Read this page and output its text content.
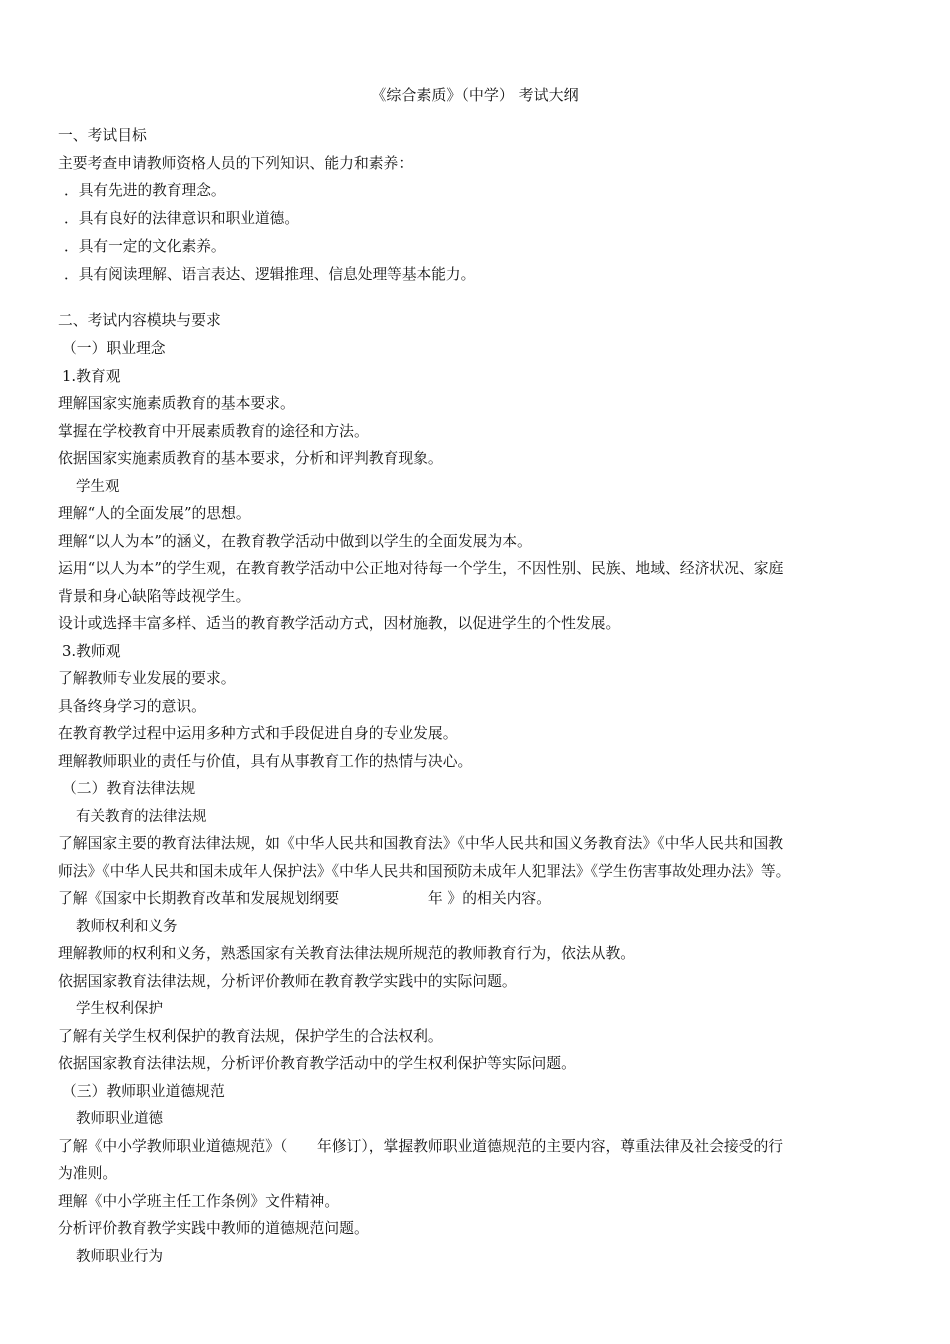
《综合素质》（中学） 考试大纲
一、考试目标
主要考查申请教师资格人员的下列知识、能力和素养：
．具有先进的教育理念。
．具有良好的法律意识和职业道德。
．具有一定的文化素养。
．具有阅读理解、语言表达、逻辑推理、信息处理等基本能力。
二、考试内容模块与要求
（一）职业理念
1.教育观
理解国家实施素质教育的基本要求。
掌握在学校教育中开展素质教育的途径和方法。
依据国家实施素质教育的基本要求，分析和评判教育现象。
学生观
理解“人的全面发展”的思想。
理解“以人为本”的涵义，在教育教学活动中做到以学生的全面发展为本。
运用“以人为本”的学生观，在教育教学活动中公正地对待每一个学生，不因性别、民族、地域、经济状况、家庭
背景和身心缺陷等歧视学生。
设计或选择丰富多样、适当的教育教学活动方式，因材施教，以促进学生的个性发展。
3.教师观
了解教师专业发展的要求。
具备终身学习的意识。
在教育教学过程中运用多种方式和手段促进自身的专业发展。
理解教师职业的责任与价值，具有从事教育工作的热情与决心。
（二）教育法律法规
有关教育的法律法规
了解国家主要的教育法律法规，如《中华人民共和国教育法》《中华人民共和国义务教育法》《中华人民共和国教
师法》《中华人民共和国未成年人保护法》《中华人民共和国预防未成年人犯罪法》《学生伤害事故处理办法》等。
了解《国家中长期教育改革和发展规划纲要　　　　　　年 》的相关内容。
教师权利和义务
理解教师的权利和义务，熟悉国家有关教育法律法规所规范的教师教育行为，依法从教。
依据国家教育法律法规，分析评价教师在教育教学实践中的实际问题。
学生权利保护
了解有关学生权利保护的教育法规，保护学生的合法权利。
依据国家教育法律法规，分析评价教育教学活动中的学生权利保护等实际问题。
（三）教师职业道德规范
教师职业道德
了解《中小学教师职业道德规范》（　　年修订），掌握教师职业道德规范的主要内容，尊重法律及社会接受的行
为准则。
理解《中小学班主任工作条例》文件精神。
分析评价教育教学实践中教师的道德规范问题。
教师职业行为
